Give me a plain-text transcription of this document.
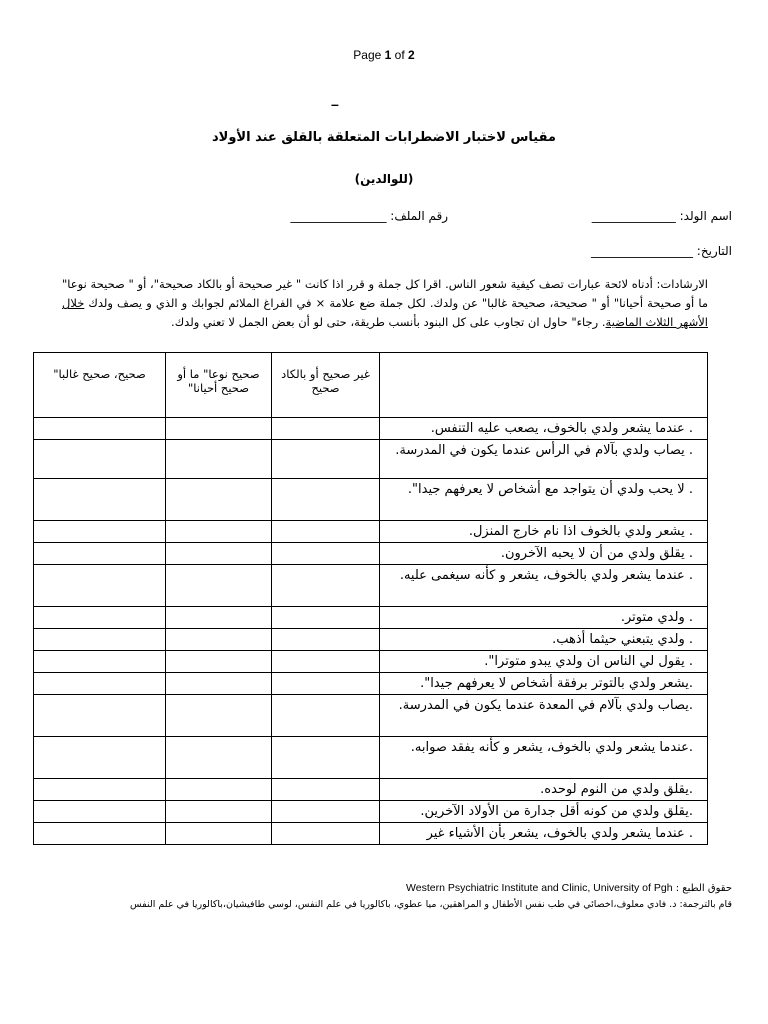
Page 1 of 2
–
مقياس لاختبار الاضطرابات المتعلقة بالقلق عند الأولاد
(للوالدين)
اسم الولد: ______________
رقم الملف: ________________
التاريخ: _________________
الارشادات: أدناه لائحة عبارات تصف كيفية شعور الناس. اقرا كل جملة و قرر اذا كانت " غير صحيحة أو بالكاد صحيحة"، أو " صحيحة نوعا" ما أو صحيحة أحيانا" أو " صحيحة، صحيحة غالبا" عن ولدك. لكل جملة ضع علامة × في الفراغ الملائم لجوابك و الذي و يصف ولدك خلال الأشهر الثلاث الماضية. رجاء" حاول ان تجاوب على كل البنود بأنسب طريقة، حتى لو أن بعض الجمل لا تعني ولدك.
	غير صحيح أو بالكاد صحيح	صحيح نوعا" ما أو صحيح أحيانا"	صحيح، صحيح غالبا"
. عندما يشعر ولدي بالخوف، يصعب عليه التنفس.			
. يصاب ولدي بآلام في الرأس عندما يكون في المدرسة.			
. لا يحب ولدي أن يتواجد مع أشخاص لا يعرفهم جيدا".			
. يشعر ولدي بالخوف اذا نام خارج المنزل.			
. يقلق ولدي من أن لا يحبه الآخرون.			
. عندما يشعر ولدي بالخوف، يشعر و كأنه سيغمى عليه.			
. ولدي متوتر.			
. ولدي يتبعني حيثما أذهب.			
. يقول لي الناس ان ولدي يبدو متوترا".			
.يشعر ولدي بالتوتر برفقة أشخاص لا يعرفهم جيدا".			
.يصاب ولدي بآلام في المعدة عندما يكون في المدرسة.			
.عندما يشعر ولدي بالخوف، يشعر و كأنه يفقد صوابه.			
.يقلق ولدي من النوم لوحده.			
.يقلق ولدي من كونه أقل جدارة من الأولاد الآخرين.			
. عندما يشعر ولدي بالخوف، يشعر بأن الأشياء غير			
حقوق الطبع : Western Psychiatric Institute and Clinic, University of Pgh
قام بالترجمة: د. فادي معلوف،اخصائي في طب نفس الأطفال و المراهقين، ميا عطوي، باكالوريا في علم النفس، لوسي طافيشيان،باكالوريا في علم النفس
